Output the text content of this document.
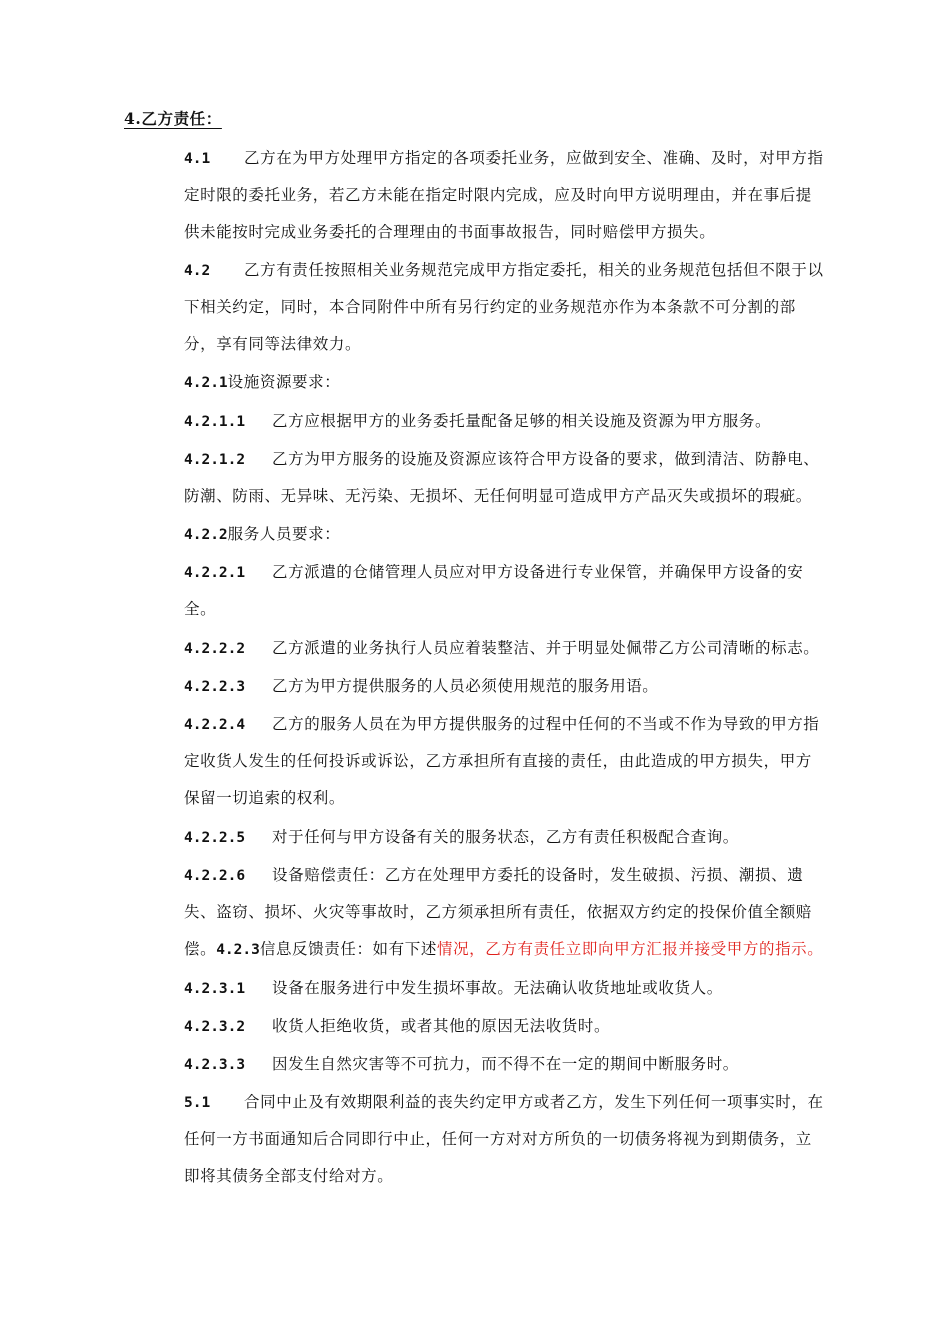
4.乙方责任：
4.1 乙方在为甲方处理甲方指定的各项委托业务，应做到安全、准确、及时，对甲方指
定时限的委托业务，若乙方未能在指定时限内完成，应及时向甲方说明理由，并在事后提
供未能按时完成业务委托的合理理由的书面事故报告，同时赔偿甲方损失。
4.2 乙方有责任按照相关业务规范完成甲方指定委托，相关的业务规范包括但不限于以
下相关约定，同时，本合同附件中所有另行约定的业务规范亦作为本条款不可分割的部
分，享有同等法律效力。
4.2.1设施资源要求：
4.2.1.1 乙方应根据甲方的业务委托量配备足够的相关设施及资源为甲方服务。
4.2.1.2 乙方为甲方服务的设施及资源应该符合甲方设备的要求，做到清洁、防静电、
防潮、防雨、无异味、无污染、无损坏、无任何明显可造成甲方产品灭失或损坏的瑕疵。
4.2.2服务人员要求：
4.2.2.1 乙方派遣的仓储管理人员应对甲方设备进行专业保管，并确保甲方设备的安
全。
4.2.2.2 乙方派遣的业务执行人员应着装整洁、并于明显处佩带乙方公司清晰的标志。
4.2.2.3 乙方为甲方提供服务的人员必须使用规范的服务用语。
4.2.2.4 乙方的服务人员在为甲方提供服务的过程中任何的不当或不作为导致的甲方指
定收货人发生的任何投诉或诉讼，乙方承担所有直接的责任，由此造成的甲方损失，甲方
保留一切追索的权利。
4.2.2.5 对于任何与甲方设备有关的服务状态，乙方有责任积极配合查询。
4.2.2.6 设备赔偿责任：乙方在处理甲方委托的设备时，发生破损、污损、潮损、遗
失、盗窃、损坏、火灾等事故时，乙方须承担所有责任，依据双方约定的投保价值全额赔
偿。4.2.3信息反馈责任：如有下述情况，乙方有责任立即向甲方汇报并接受甲方的指示。
4.2.3.1 设备在服务进行中发生损坏事故。无法确认收货地址或收货人。
4.2.3.2 收货人拒绝收货，或者其他的原因无法收货时。
4.2.3.3 因发生自然灾害等不可抗力，而不得不在一定的期间中断服务时。
5.1 合同中止及有效期限利益的丧失约定甲方或者乙方，发生下列任何一项事实时，在
任何一方书面通知后合同即行中止，任何一方对对方所负的一切债务将视为到期债务，立
即将其债务全部支付给对方。
